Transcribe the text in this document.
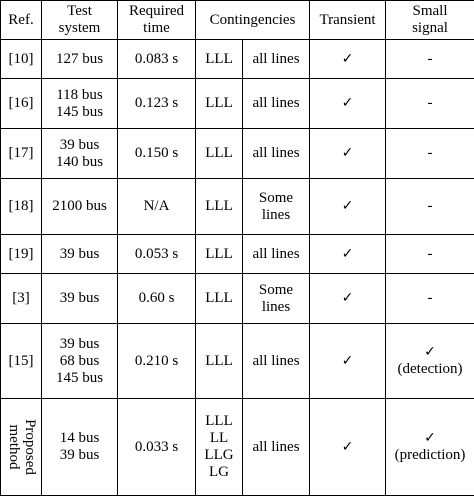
Ref.	Test
system	Required
time	Contingencies		Transient	Small
signal

[10]	127 bus	0.083 s	LLL	all lines	✓	-

[16]	118 bus
145 bus	0.123 s	LLL	all lines	✓	-

[17]	39 bus
140 bus	0.150 s	LLL	all lines	✓	-

[18]	2100 bus	N/A	LLL	Some
lines	✓	-

[19]	39 bus	0.053 s	LLL	all lines	✓	-

[3]	39 bus	0.60 s	LLL	Some
lines	✓	-

[15]	39 bus
68 bus
145 bus	0.210 s	LLL	all lines	✓	✓
(detection)

Proposed
method	14 bus
39 bus	0.033 s	LLL
LL
LLG
LG	all lines	✓	✓
(prediction)
